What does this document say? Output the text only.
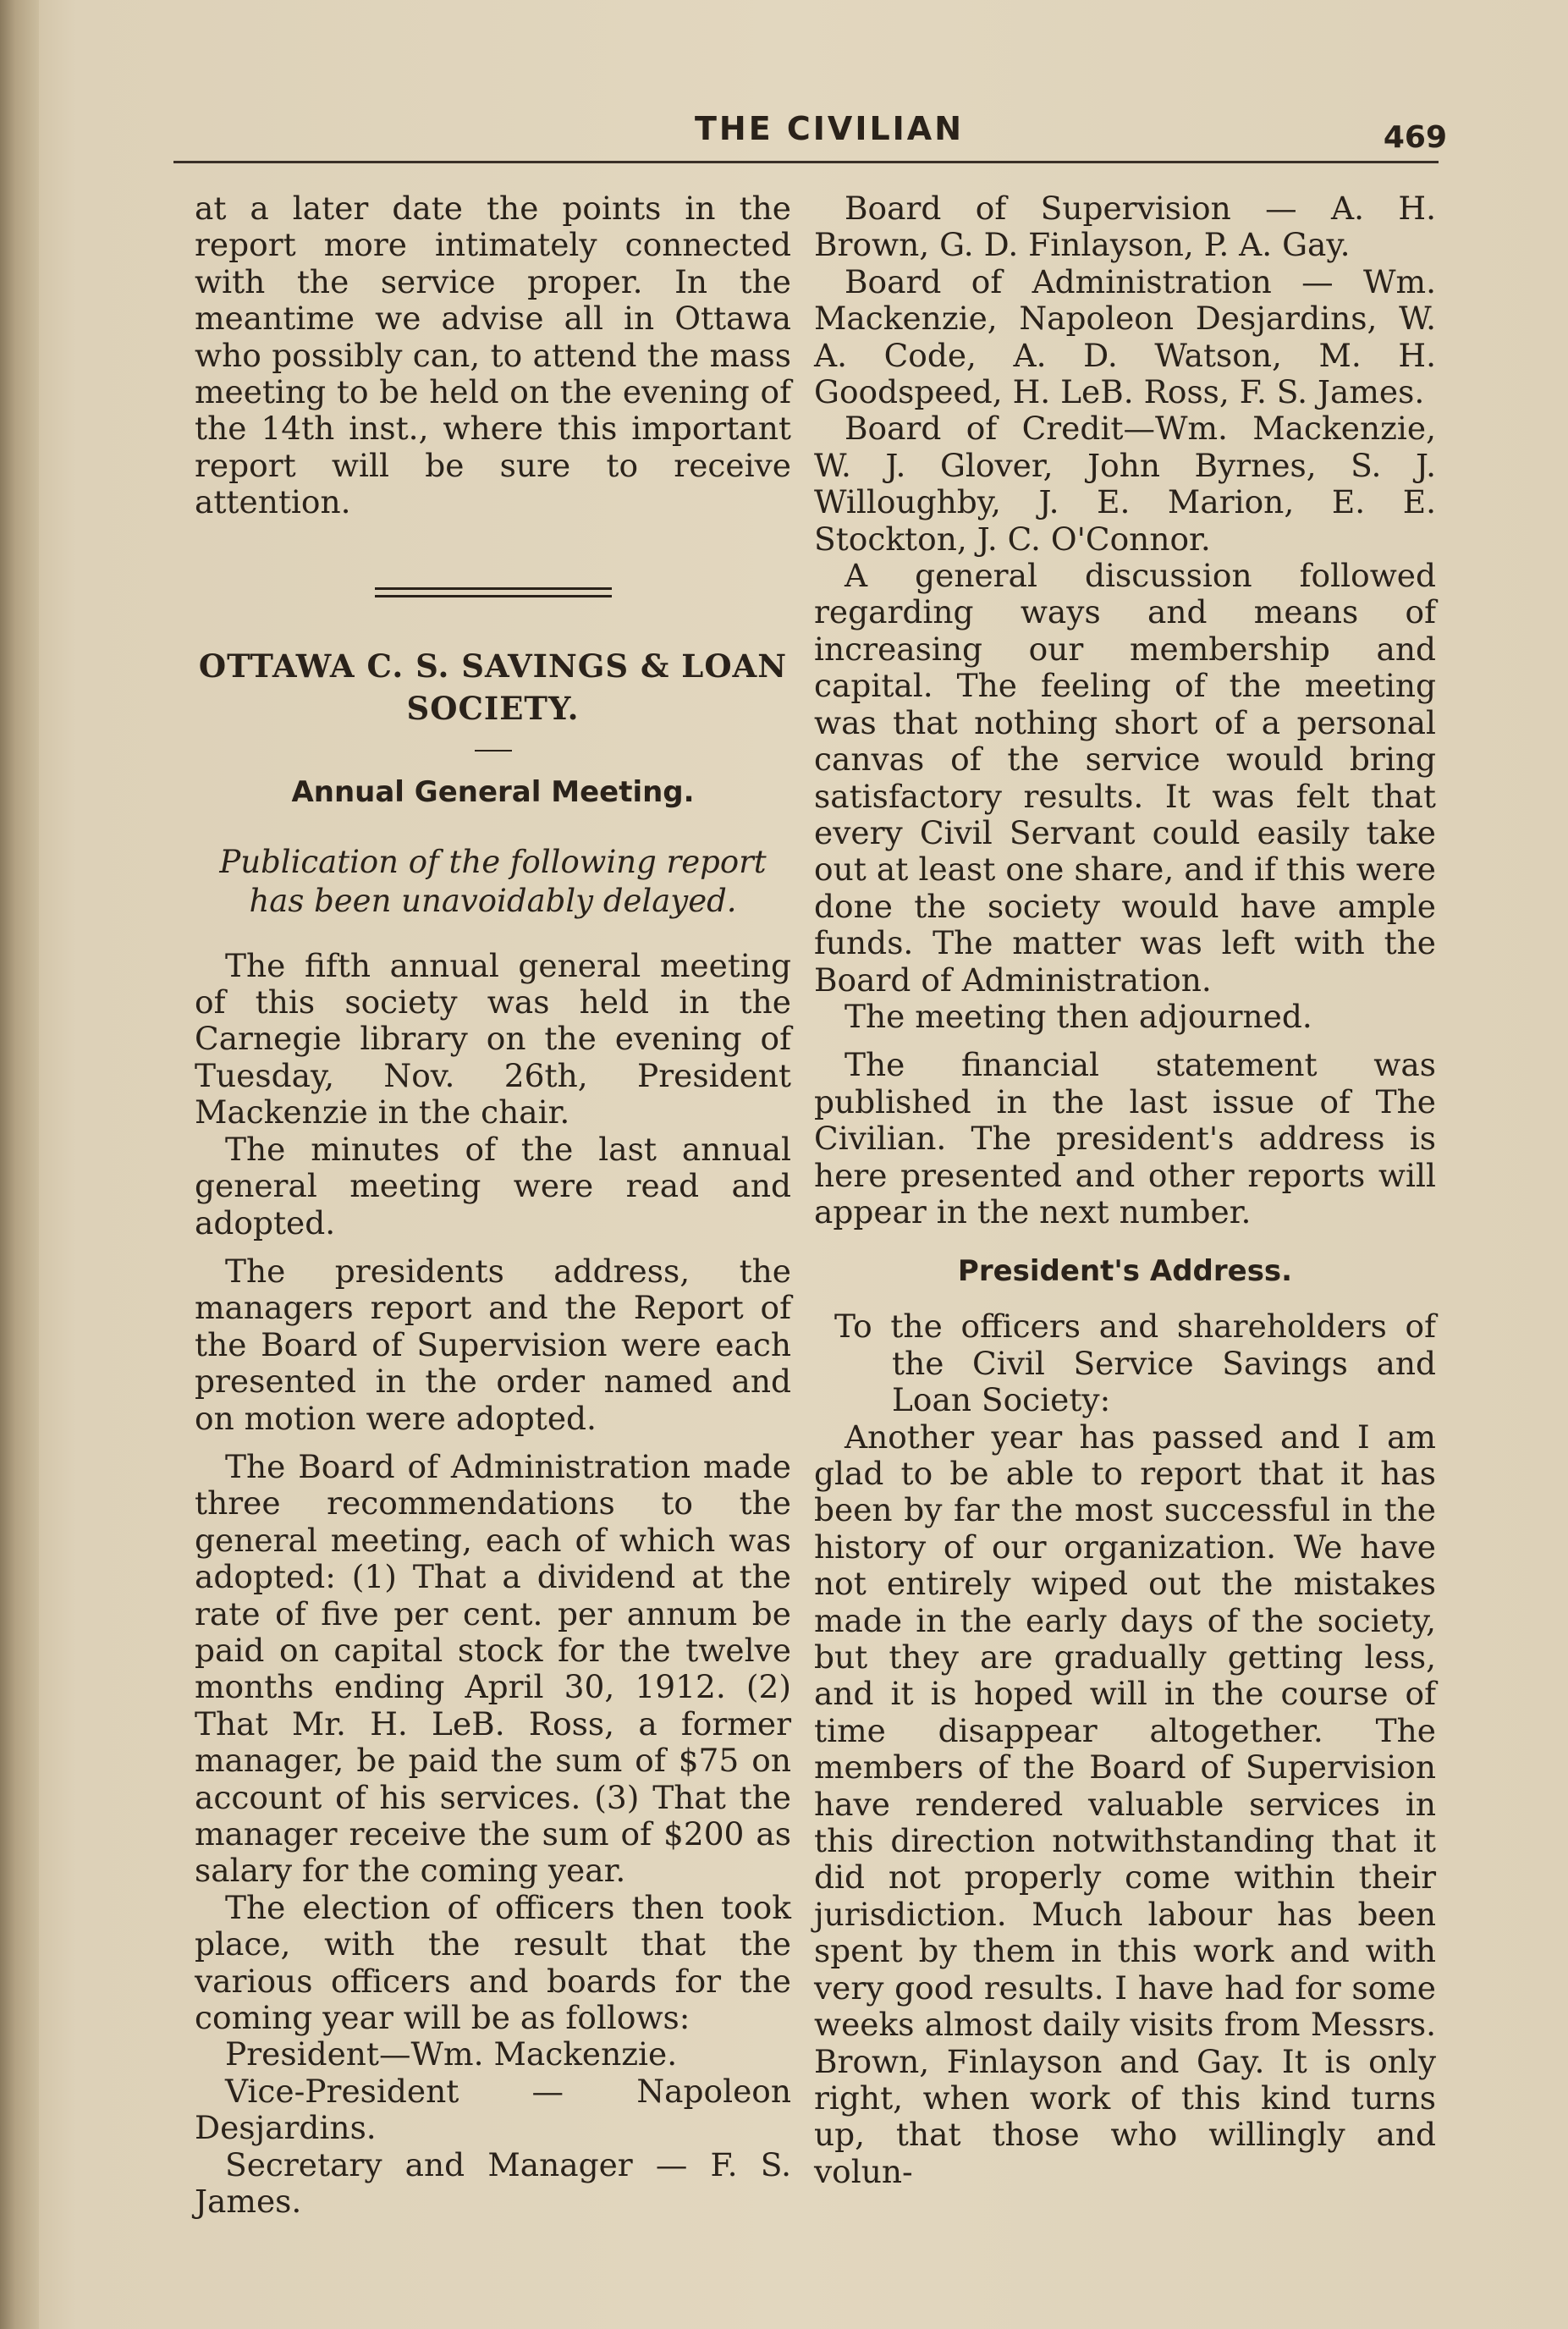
THE CIVILIAN	469

at a later date the points in the report more intimately connected with the service proper. In the meantime we advise all in Ottawa who possibly can, to attend the mass meeting to be held on the evening of the 14th inst., where this important report will be sure to receive attention.

OTTAWA C. S. SAVINGS & LOAN
SOCIETY.
Annual General Meeting.
Publication of the following report
has been unavoidably delayed.

The fifth annual general meeting of this society was held in the Carnegie library on the evening of Tuesday, Nov. 26th, President Mackenzie in the chair.

The minutes of the last annual general meeting were read and adopted.

The presidents address, the managers report and the Report of the Board of Supervision were each presented in the order named and on motion were adopted.

The Board of Administration made three recommendations to the general meeting, each of which was adopted: (1) That a dividend at the rate of five per cent. per annum be paid on capital stock for the twelve months ending April 30, 1912. (2) That Mr. H. LeB. Ross, a former manager, be paid the sum of $75 on account of his services. (3) That the manager receive the sum of $200 as salary for the coming year.

The election of officers then took place, with the result that the various officers and boards for the coming year will be as follows:

President—Wm. Mackenzie.

Vice-President — Napoleon Desjardins.

Secretary and Manager — F. S. James.

Board of Supervision — A. H. Brown, G. D. Finlayson, P. A. Gay.

Board of Administration — Wm. Mackenzie, Napoleon Desjardins, W. A. Code, A. D. Watson, M. H. Goodspeed, H. LeB. Ross, F. S. James.

Board of Credit—Wm. Mackenzie, W. J. Glover, John Byrnes, S. J. Willoughby, J. E. Marion, E. E. Stockton, J. C. O'Connor.

A general discussion followed regarding ways and means of increasing our membership and capital. The feeling of the meeting was that nothing short of a personal canvas of the service would bring satisfactory results. It was felt that every Civil Servant could easily take out at least one share, and if this were done the society would have ample funds. The matter was left with the Board of Administration.

The meeting then adjourned.

The financial statement was published in the last issue of The Civilian. The president's address is here presented and other reports will appear in the next number.

President's Address.

To the officers and shareholders of the Civil Service Savings and Loan Society:

Another year has passed and I am glad to be able to report that it has been by far the most successful in the history of our organization. We have not entirely wiped out the mistakes made in the early days of the society, but they are gradually getting less, and it is hoped will in the course of time disappear altogether. The members of the Board of Supervision have rendered valuable services in this direction notwithstanding that it did not properly come within their jurisdiction. Much labour has been spent by them in this work and with very good results. I have had for some weeks almost daily visits from Messrs. Brown, Finlayson and Gay. It is only right, when work of this kind turns up, that those who willingly and volun-
